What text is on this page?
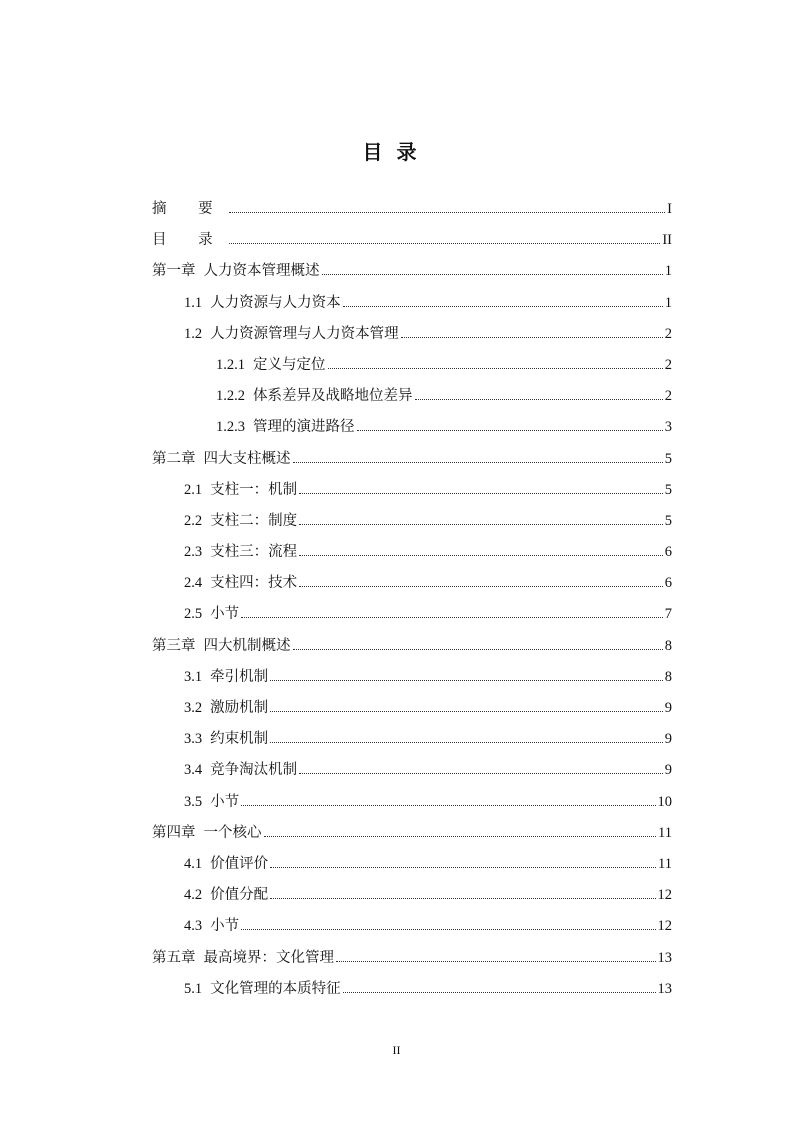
目录
摘 要	I
目 录	II
第一章 人力资本管理概述	1
1.1 人力资源与人力资本	1
1.2 人力资源管理与人力资本管理	2
1.2.1 定义与定位	2
1.2.2 体系差异及战略地位差异	2
1.2.3 管理的演进路径	3
第二章 四大支柱概述	5
2.1 支柱一：机制	5
2.2 支柱二：制度	5
2.3 支柱三：流程	6
2.4 支柱四：技术	6
2.5 小节	7
第三章 四大机制概述	8
3.1 牵引机制	8
3.2 激励机制	9
3.3 约束机制	9
3.4 竞争淘汰机制	9
3.5 小节	10
第四章 一个核心	11
4.1 价值评价	11
4.2 价值分配	12
4.3 小节	12
第五章 最高境界：文化管理	13
5.1 文化管理的本质特征	13
II
